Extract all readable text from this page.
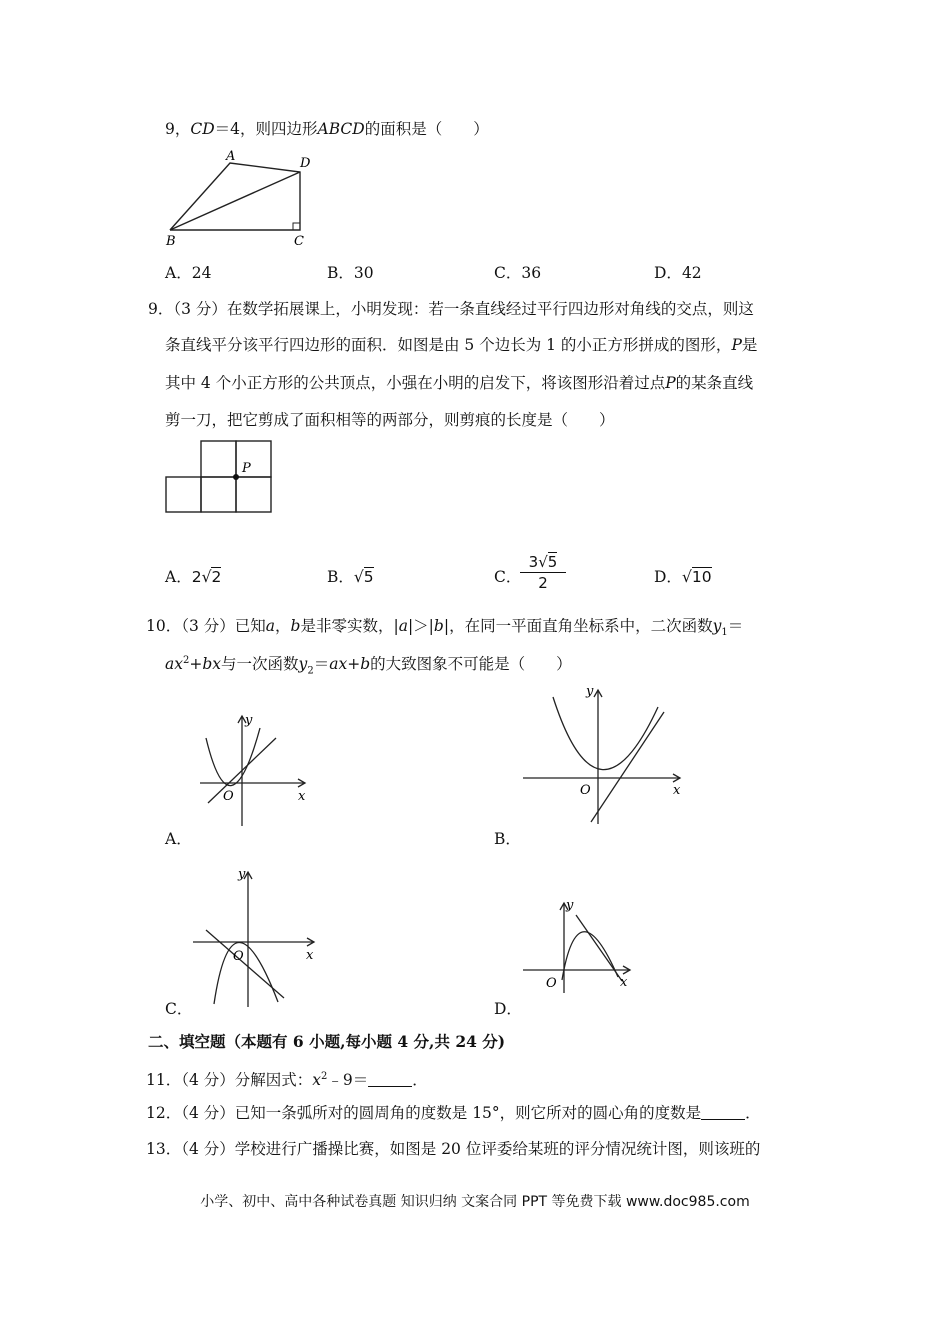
9，CD＝4，则四边形ABCD的面积是（　　）
A
B	C
D
A．24	B．30	C．36	D．42
9．（3 分）在数学拓展课上，小明发现：若一条直线经过平行四边形对角线的交点，则这
条直线平分该平行四边形的面积．如图是由 5 个边长为 1 的小正方形拼成的图形，P是
其中 4 个小正方形的公共顶点，小强在小明的启发下，将该图形沿着过点P的某条直线
剪一刀，把它剪成了面积相等的两部分，则剪痕的长度是（　　）
P
A．2√2	B．√5	C．
$\frac{3√5}{2}$	D．√10
10．（3 分）已知a，b是非零实数，|a|＞|b|，在同一平面直角坐标系中，二次函数$y_1=$
$ax^2+bx$与一次函数$y_2=ax+b$的大致图象不可能是（　　）
y
x
O
A．
y
x
O
B．
y
x
O
C．
y
x
O
D．
二、填空题（本题有 6 小题,每小题 4 分,共 24 分)
11．（4 分）分解因式：$x^2﹣9=$	．
12．（4 分）已知一条弧所对的圆周角的度数是 15°，则它所对的圆心角的度数是	．
13．（4 分）学校进行广播操比赛，如图是 20 位评委给某班的评分情况统计图，则该班的
小学、初中、高中各种试卷真题 知识归纳 文案合同 PPT 等免费下载 www.doc985.com
